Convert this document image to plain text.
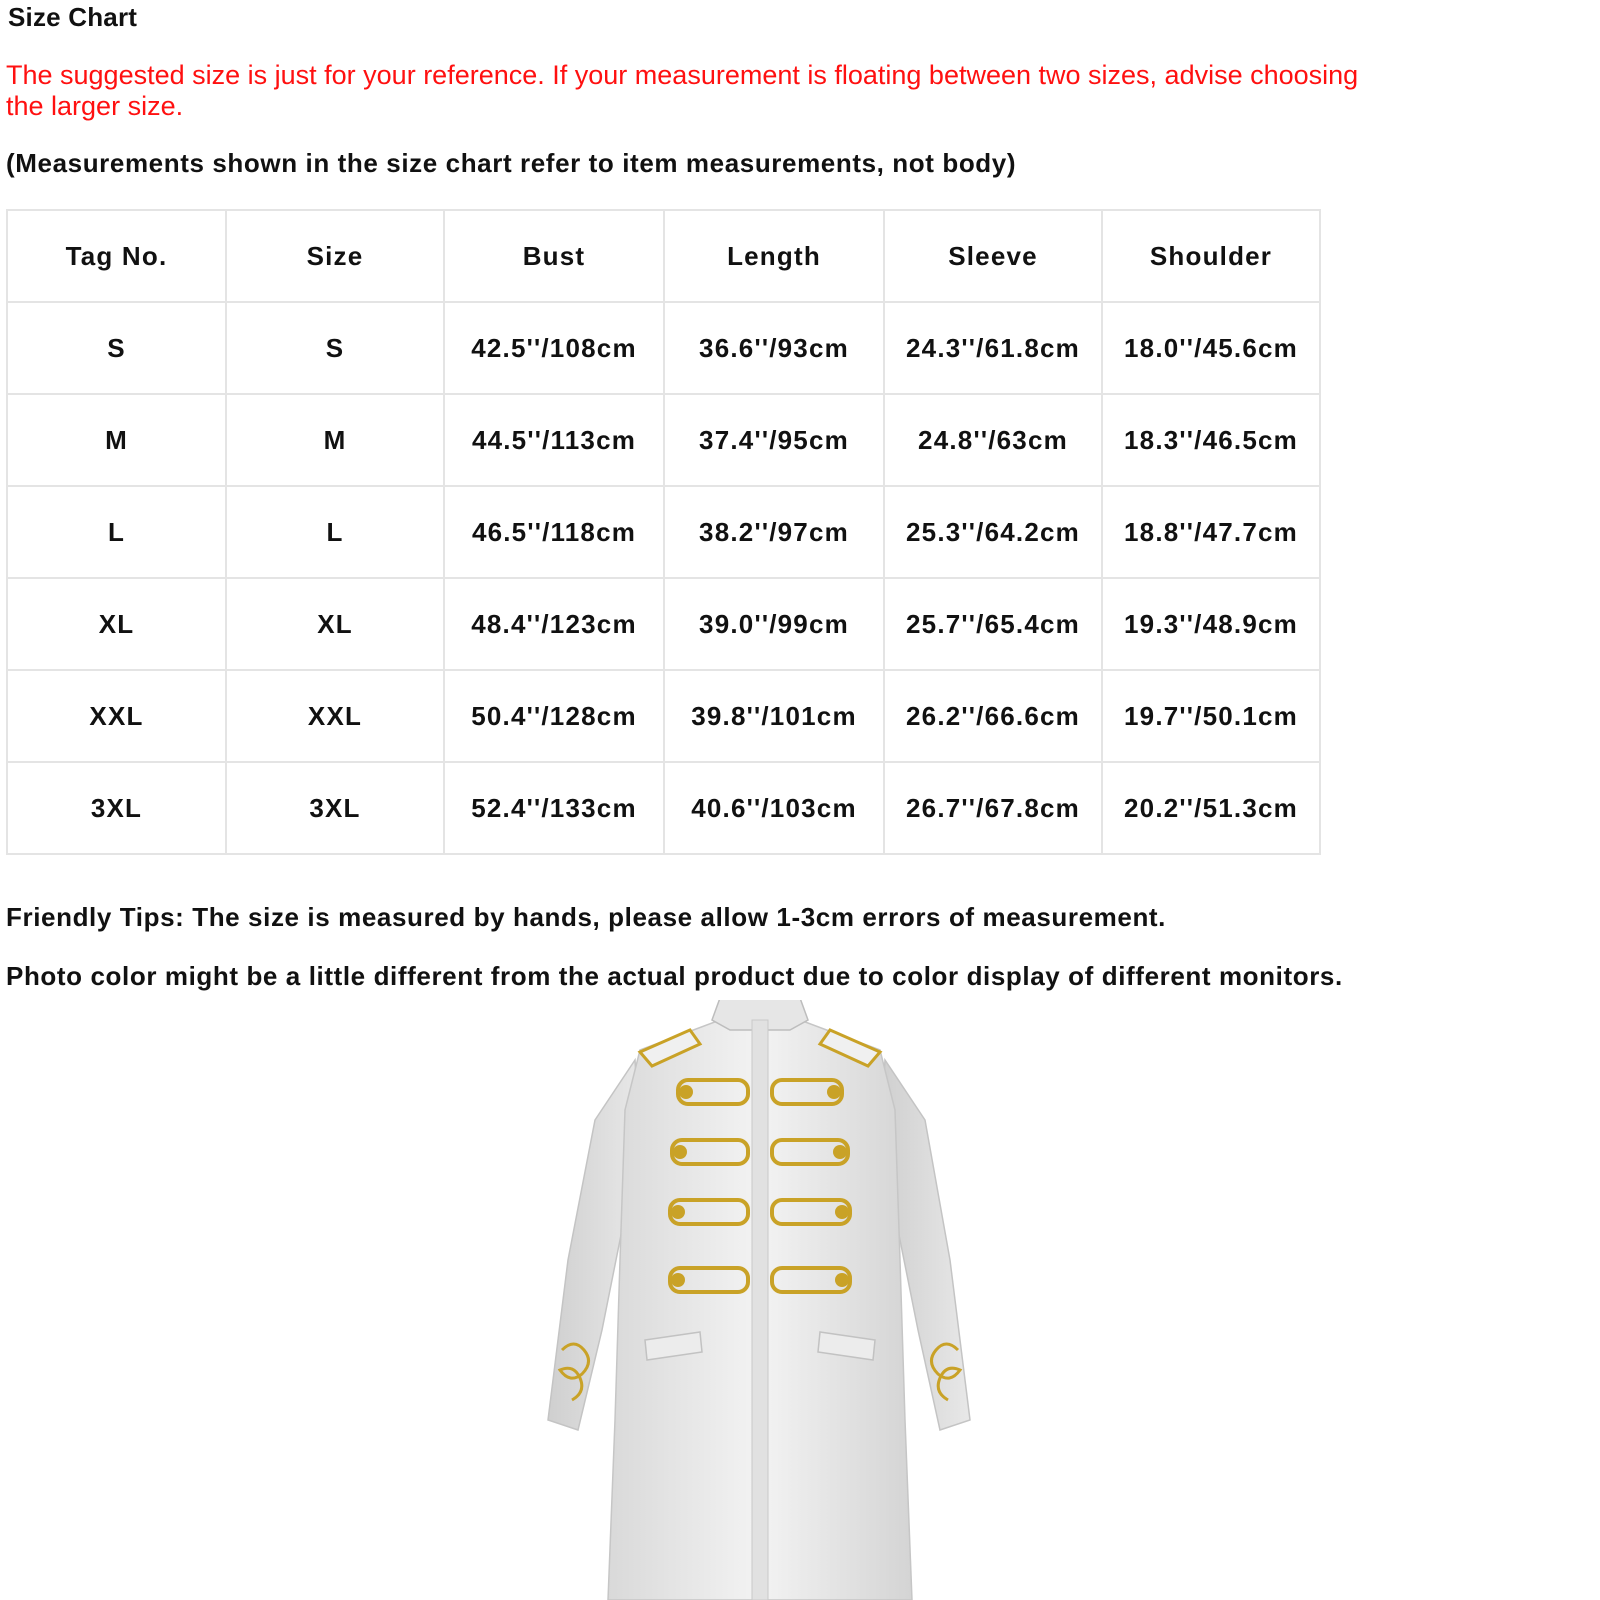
Size Chart
The suggested size is just for your reference. If your measurement is floating between two sizes, advise choosing
the larger size.
(Measurements shown in the size chart refer to item measurements, not body)
Tag No.	Size	Bust	Length	Sleeve	Shoulder
S	S	42.5''/108cm	36.6''/93cm	24.3''/61.8cm	18.0''/45.6cm
M	M	44.5''/113cm	37.4''/95cm	24.8''/63cm	18.3''/46.5cm
L	L	46.5''/118cm	38.2''/97cm	25.3''/64.2cm	18.8''/47.7cm
XL	XL	48.4''/123cm	39.0''/99cm	25.7''/65.4cm	19.3''/48.9cm
XXL	XXL	50.4''/128cm	39.8''/101cm	26.2''/66.6cm	19.7''/50.1cm
3XL	3XL	52.4''/133cm	40.6''/103cm	26.7''/67.8cm	20.2''/51.3cm
Friendly Tips: The size is measured by hands, please allow 1-3cm errors of measurement.
Photo color might be a little different from the actual product due to color display of different monitors.
